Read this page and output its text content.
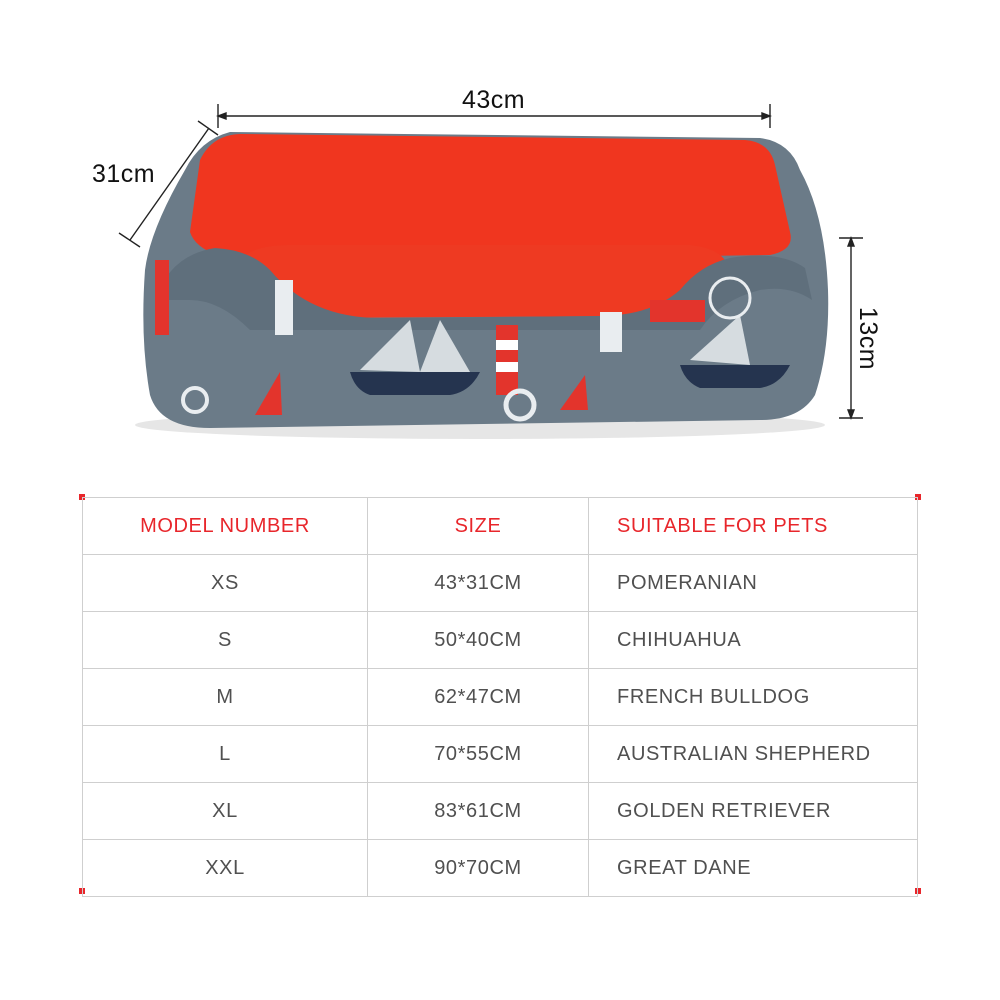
43cm
31cm
13cm
MODEL NUMBER	SIZE	SUITABLE FOR PETS
XS	43*31CM	POMERANIAN
S	50*40CM	CHIHUAHUA
M	62*47CM	FRENCH BULLDOG
L	70*55CM	AUSTRALIAN SHEPHERD
XL	83*61CM	GOLDEN RETRIEVER
XXL	90*70CM	GREAT DANE
